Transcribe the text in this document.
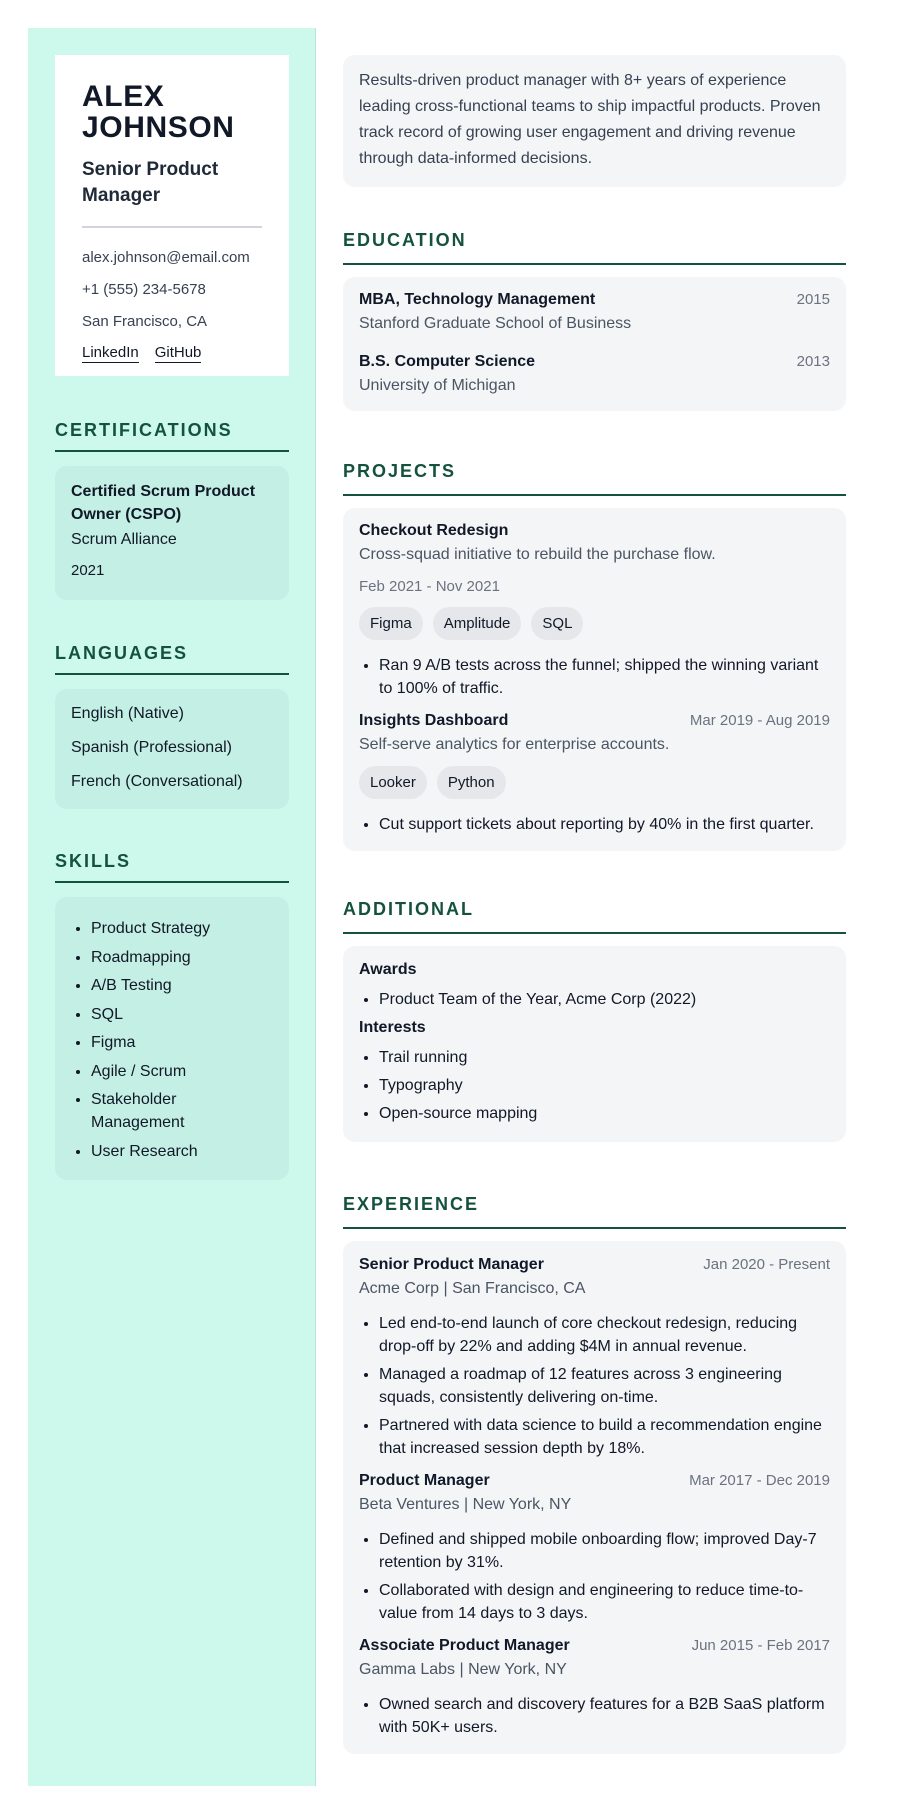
ALEX
JOHNSON
Senior Product Manager
alex.johnson@email.com
+1 (555) 234-5678
San Francisco, CA
LinkedIn GitHub
CERTIFICATIONS
Certified Scrum Product Owner (CSPO)
Scrum Alliance
2021
LANGUAGES
English (Native)
Spanish (Professional)
French (Conversational)
SKILLS
• Product Strategy
• Roadmapping
• A/B Testing
• SQL
• Figma
• Agile / Scrum
• Stakeholder Management
• User Research

Results-driven product manager with 8+ years of experience leading cross-functional teams to ship impactful products. Proven track record of growing user engagement and driving revenue through data-informed decisions.

EDUCATION
MBA, Technology Management	2015
Stanford Graduate School of Business
B.S. Computer Science	2013
University of Michigan
PROJECTS
Checkout Redesign
Cross-squad initiative to rebuild the purchase flow.
Feb 2021 - Nov 2021
Figma	Amplitude	SQL
• Ran 9 A/B tests across the funnel; shipped the winning variant to 100% of traffic.
Insights Dashboard	Mar 2019 - Aug 2019
Self-serve analytics for enterprise accounts.
Looker	Python
• Cut support tickets about reporting by 40% in the first quarter.
ADDITIONAL
Awards
• Product Team of the Year, Acme Corp (2022)
Interests
• Trail running
• Typography
• Open-source mapping
EXPERIENCE
Senior Product Manager	Jan 2020 - Present
Acme Corp | San Francisco, CA
• Led end-to-end launch of core checkout redesign, reducing drop-off by 22% and adding $4M in annual revenue.
• Managed a roadmap of 12 features across 3 engineering squads, consistently delivering on-time.
• Partnered with data science to build a recommendation engine that increased session depth by 18%.
Product Manager	Mar 2017 - Dec 2019
Beta Ventures | New York, NY
• Defined and shipped mobile onboarding flow; improved Day-7 retention by 31%.
• Collaborated with design and engineering to reduce time-to-value from 14 days to 3 days.
Associate Product Manager	Jun 2015 - Feb 2017
Gamma Labs | New York, NY
• Owned search and discovery features for a B2B SaaS platform with 50K+ users.
